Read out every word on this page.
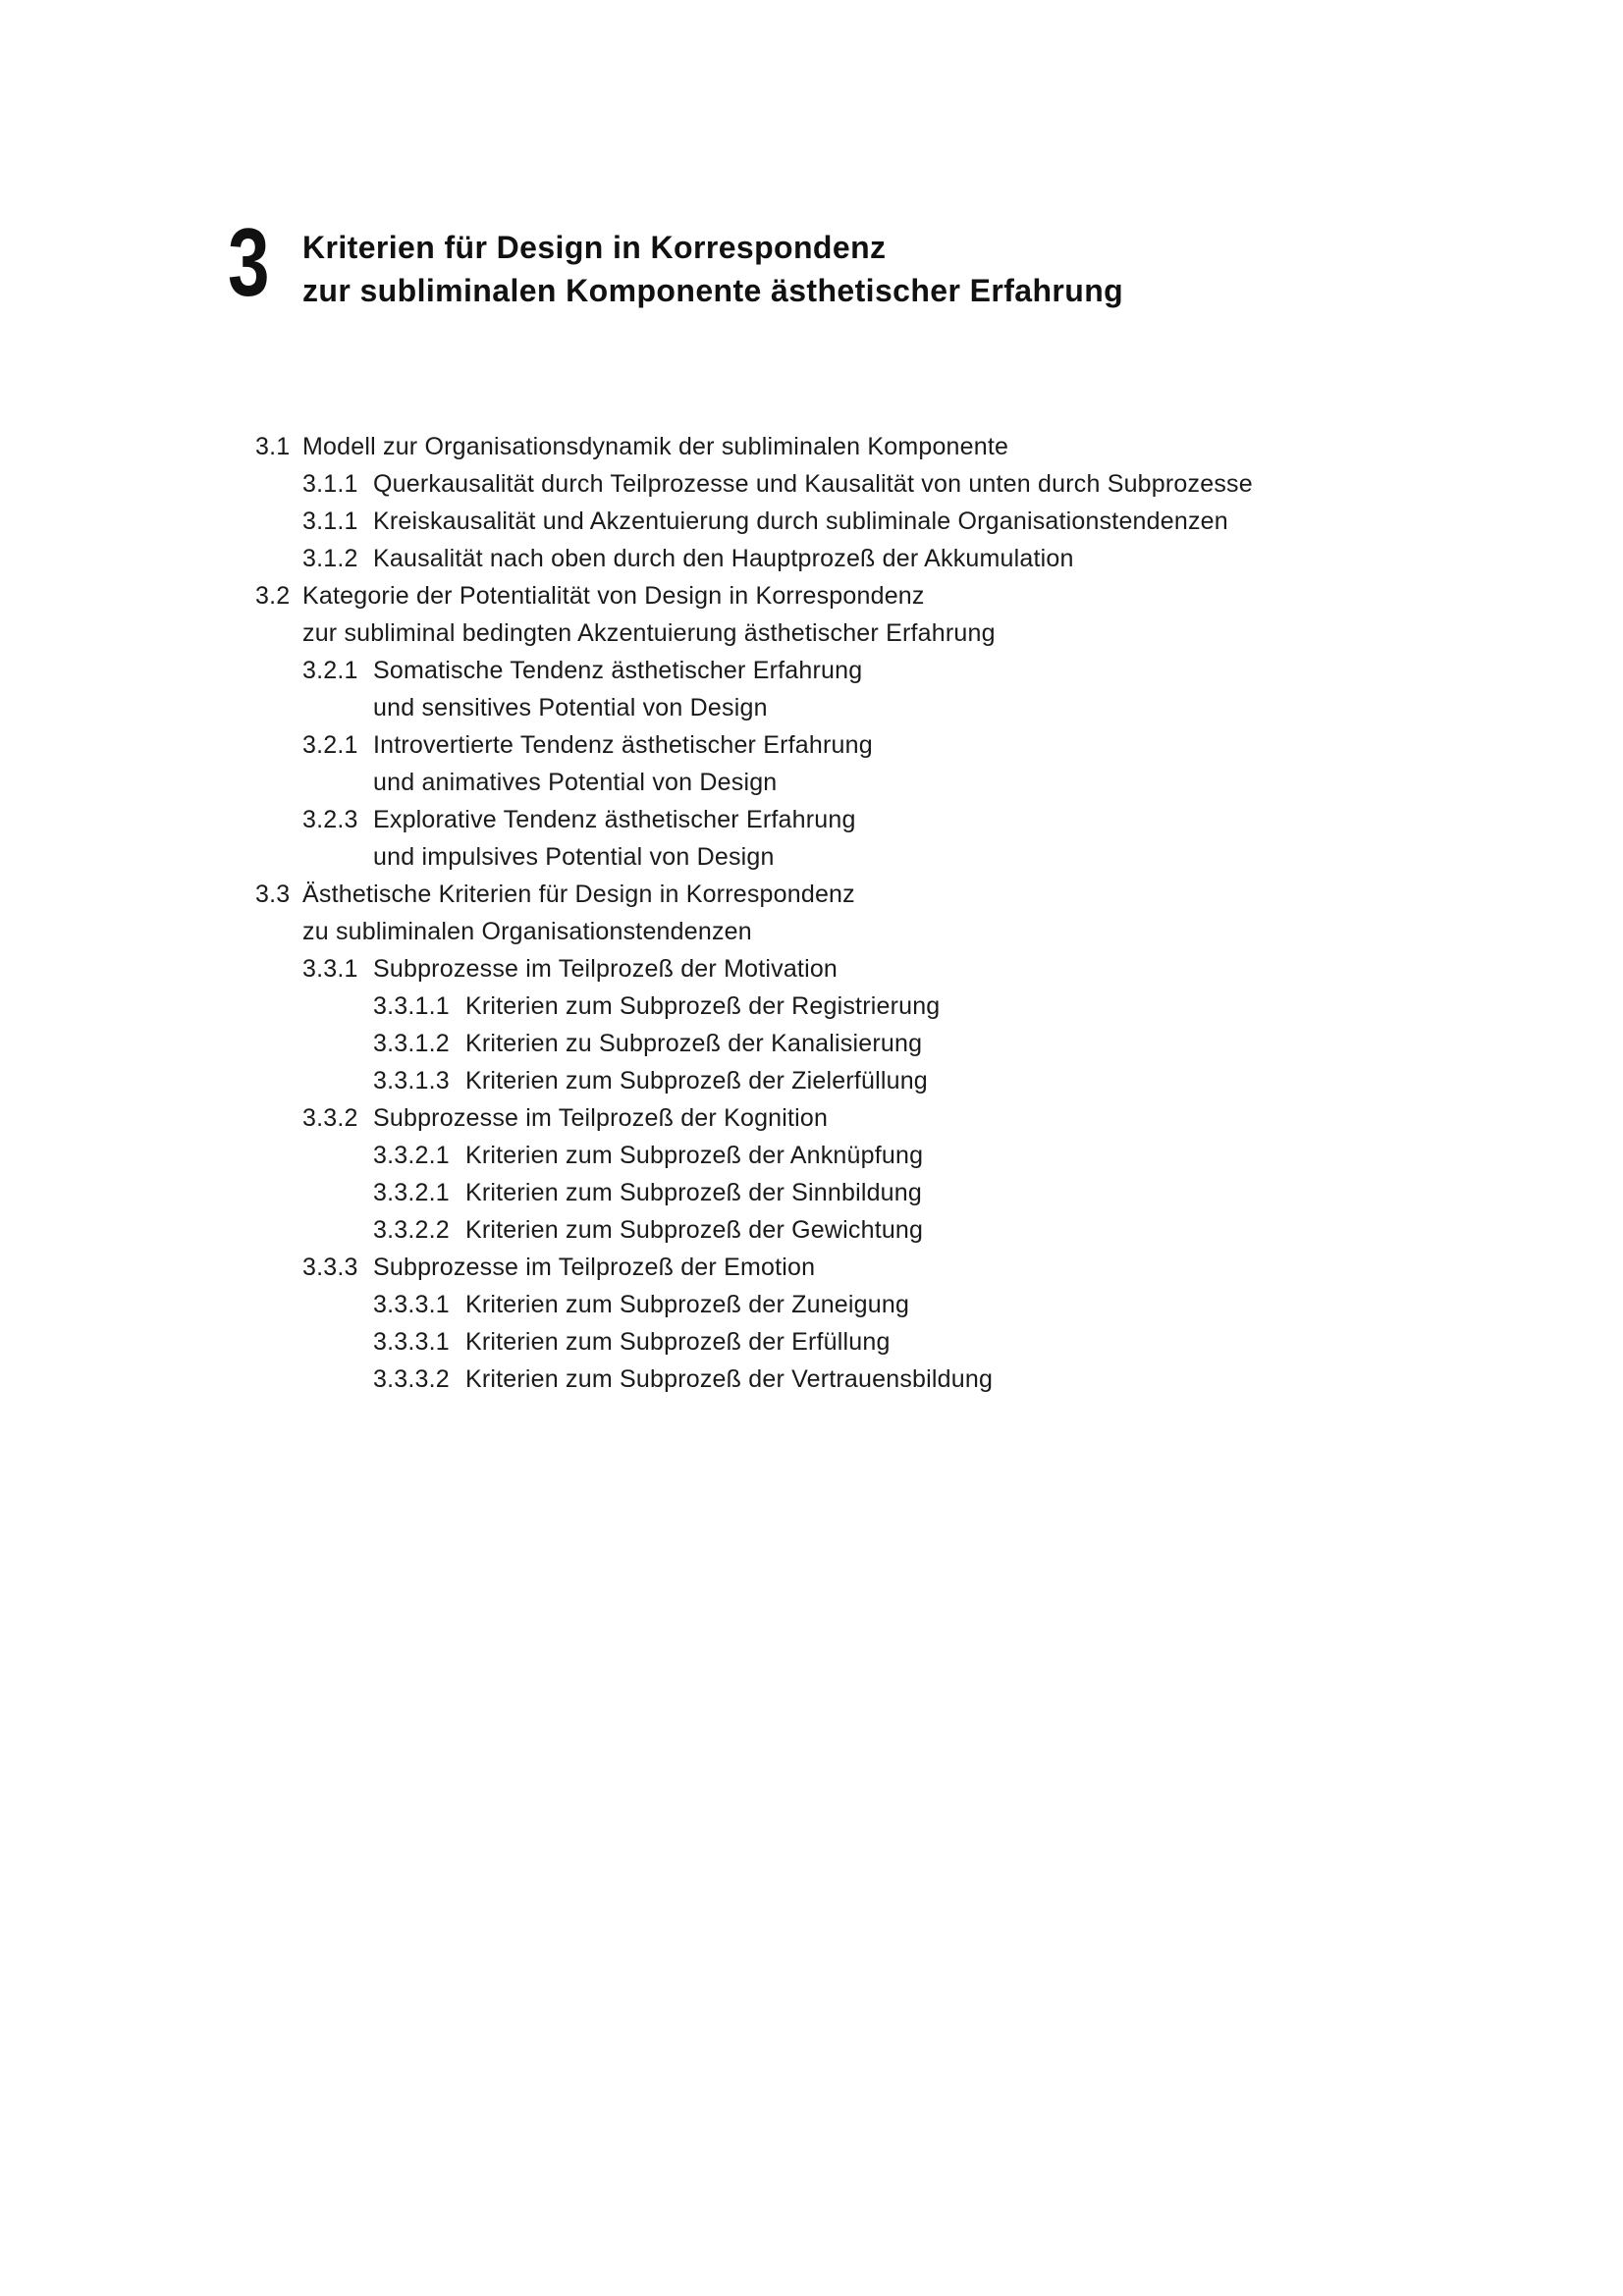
3 Kriterien für Design in Korrespondenz
zur subliminalen Komponente ästhetischer Erfahrung
3.1 Modell zur Organisationsdynamik der subliminalen Komponente
3.1.1 Querkausalität durch Teilprozesse und Kausalität von unten durch Subprozesse
3.1.1 Kreiskausalität und Akzentuierung durch subliminale Organisationstendenzen
3.1.2 Kausalität nach oben durch den Hauptprozeß der Akkumulation
3.2 Kategorie der Potentialität von Design in Korrespondenz
zur subliminal bedingten Akzentuierung ästhetischer Erfahrung
3.2.1 Somatische Tendenz ästhetischer Erfahrung
und sensitives Potential von Design
3.2.1 Introvertierte Tendenz ästhetischer Erfahrung
und animatives Potential von Design
3.2.3 Explorative Tendenz ästhetischer Erfahrung
und impulsives Potential von Design
3.3 Ästhetische Kriterien für Design in Korrespondenz
zu subliminalen Organisationstendenzen
3.3.1 Subprozesse im Teilprozeß der Motivation
3.3.1.1 Kriterien zum Subprozeß der Registrierung
3.3.1.2 Kriterien zu Subprozeß der Kanalisierung
3.3.1.3 Kriterien zum Subprozeß der Zielerfüllung
3.3.2 Subprozesse im Teilprozeß der Kognition
3.3.2.1 Kriterien zum Subprozeß der Anknüpfung
3.3.2.1 Kriterien zum Subprozeß der Sinnbildung
3.3.2.2 Kriterien zum Subprozeß der Gewichtung
3.3.3 Subprozesse im Teilprozeß der Emotion
3.3.3.1 Kriterien zum Subprozeß der Zuneigung
3.3.3.1 Kriterien zum Subprozeß der Erfüllung
3.3.3.2 Kriterien zum Subprozeß der Vertrauensbildung
